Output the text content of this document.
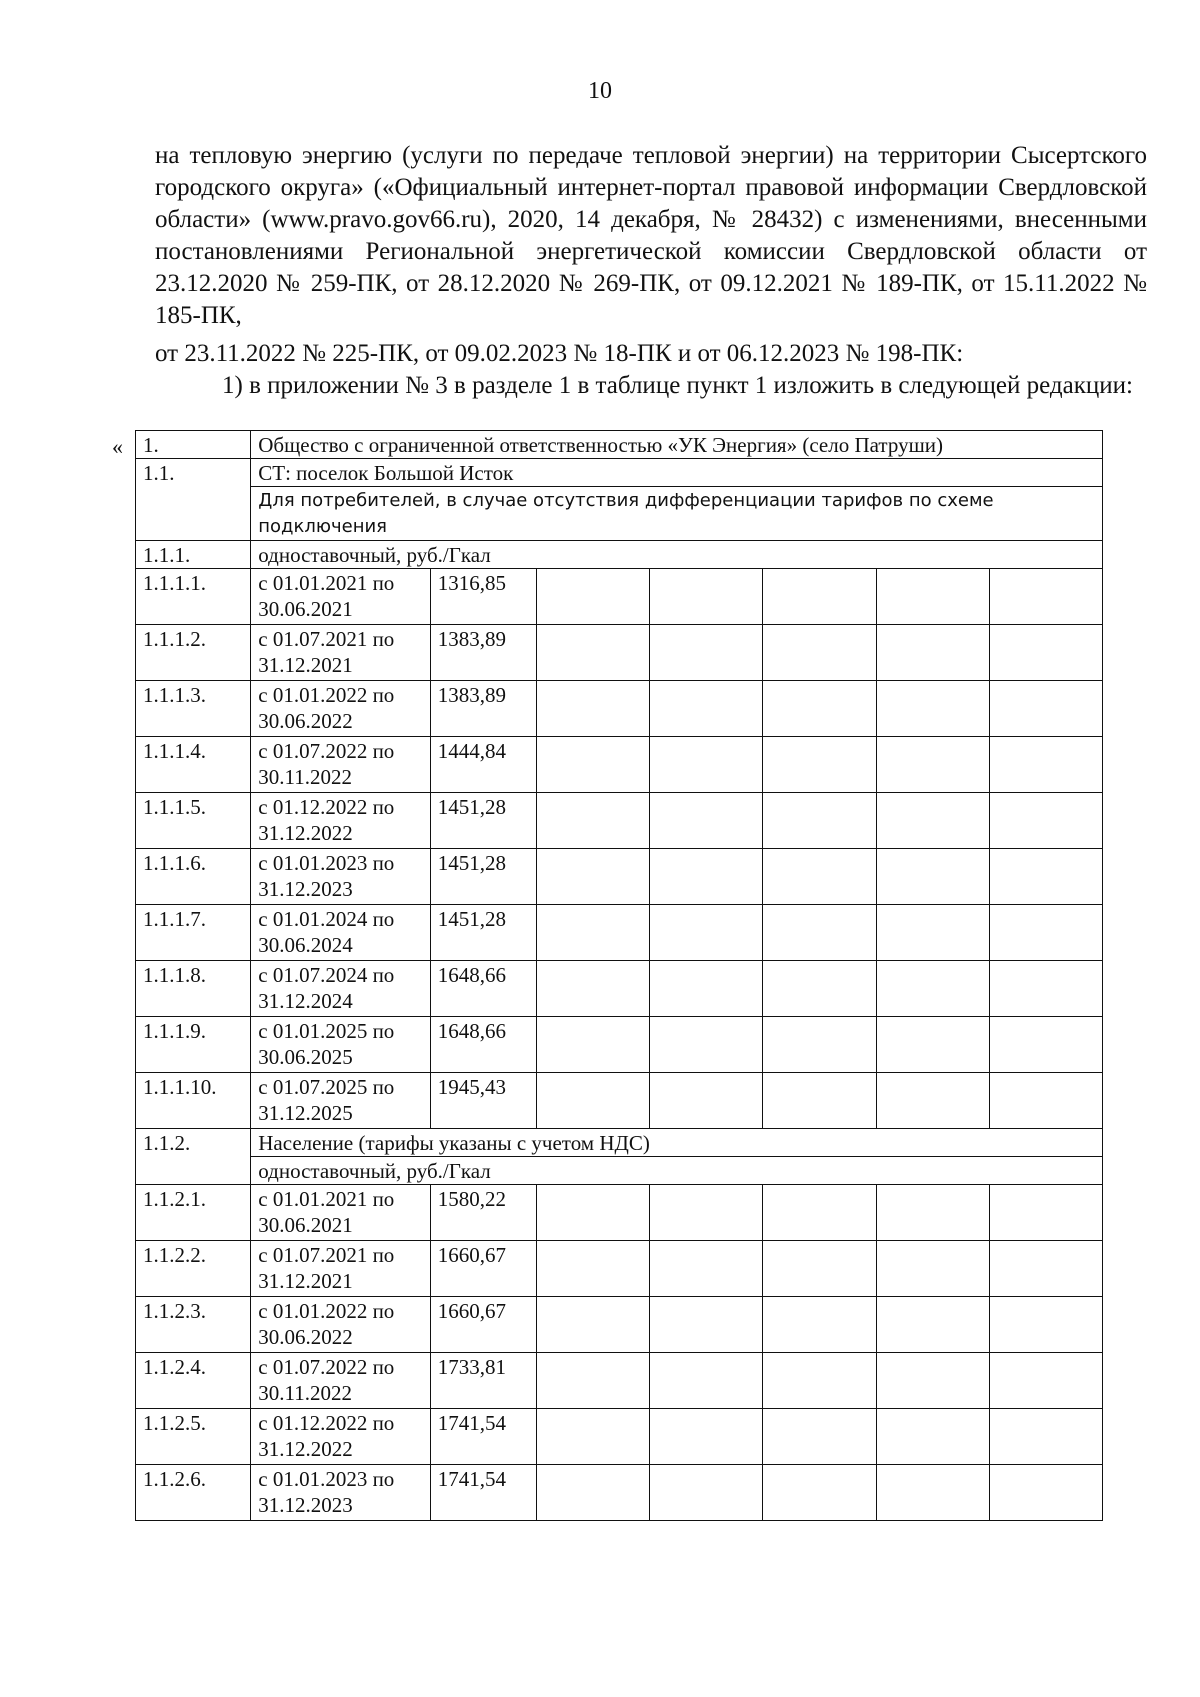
10

на тепловую энергию (услуги по передаче тепловой энергии) на территории Сысертского городского округа» («Официальный интернет-портал правовой информации Свердловской области» (www.pravo.gov66.ru), 2020, 14 декабря, № 28432) с изменениями, внесенными постановлениями Региональной энергетической комиссии Свердловской области от 23.12.2020 № 259-ПК, от 28.12.2020 № 269-ПК, от 09.12.2021 № 189-ПК, от 15.11.2022 № 185-ПК,

от 23.11.2022 № 225-ПК, от 09.02.2023 № 18-ПК и от 06.12.2023 № 198-ПК:

1) в приложении № 3 в разделе 1 в таблице пункт 1 изложить в следующей редакции:

« 1.	Общество с ограниченной ответственностью «УК Энергия» (село Патруши)						
1.1.	СТ: поселок Большой Исток						
	Для потребителей, в случае отсутствия дифференциации тарифов по схеме подключения						
1.1.1.	одноставочный, руб./Гкал						
1.1.1.1.	с 01.01.2021 по 30.06.2021	1316,85					
1.1.1.2.	с 01.07.2021 по 31.12.2021	1383,89					
1.1.1.3.	с 01.01.2022 по 30.06.2022	1383,89					
1.1.1.4.	с 01.07.2022 по 30.11.2022	1444,84					
1.1.1.5.	с 01.12.2022 по 31.12.2022	1451,28					
1.1.1.6.	с 01.01.2023 по 31.12.2023	1451,28					
1.1.1.7.	с 01.01.2024 по 30.06.2024	1451,28					
1.1.1.8.	с 01.07.2024 по 31.12.2024	1648,66					
1.1.1.9.	с 01.01.2025 по 30.06.2025	1648,66					
1.1.1.10.	с 01.07.2025 по 31.12.2025	1945,43					
1.1.2.	Население (тарифы указаны с учетом НДС)						
	одноставочный, руб./Гкал						
1.1.2.1.	с 01.01.2021 по 30.06.2021	1580,22					
1.1.2.2.	с 01.07.2021 по 31.12.2021	1660,67					
1.1.2.3.	с 01.01.2022 по 30.06.2022	1660,67					
1.1.2.4.	с 01.07.2022 по 30.11.2022	1733,81					
1.1.2.5.	с 01.12.2022 по 31.12.2022	1741,54					
1.1.2.6.	с 01.01.2023 по 31.12.2023	1741,54					
